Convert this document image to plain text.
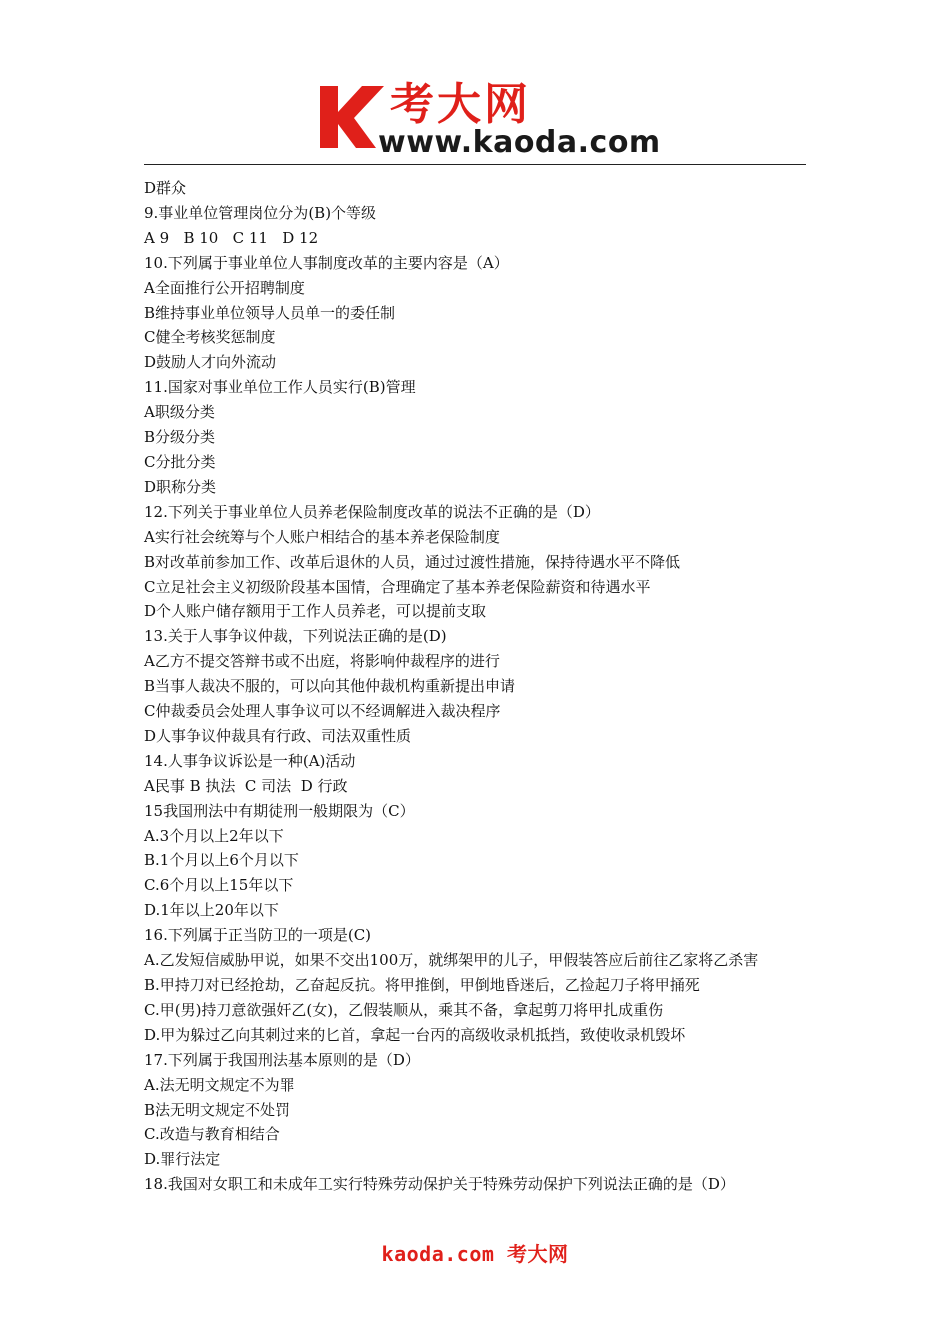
考大网
www.kaoda.com

D群众

9.事业单位管理岗位分为(B)个等级

A 9   B 10   C 11   D 12

10.下列属于事业单位人事制度改革的主要内容是（A）

A全面推行公开招聘制度

B维持事业单位领导人员单一的委任制

C健全考核奖惩制度

D鼓励人才向外流动

11.国家对事业单位工作人员实行(B)管理

A职级分类

B分级分类

C分批分类

D职称分类

12.下列关于事业单位人员养老保险制度改革的说法不正确的是（D）

A实行社会统筹与个人账户相结合的基本养老保险制度

B对改革前参加工作、改革后退休的人员，通过过渡性措施，保持待遇水平不降低

C立足社会主义初级阶段基本国情，合理确定了基本养老保险薪资和待遇水平

D个人账户储存额用于工作人员养老，可以提前支取

13.关于人事争议仲裁，下列说法正确的是(D)

A乙方不提交答辩书或不出庭，将影响仲裁程序的进行

B当事人裁决不服的，可以向其他仲裁机构重新提出申请

C仲裁委员会处理人事争议可以不经调解进入裁决程序

D人事争议仲裁具有行政、司法双重性质

14.人事争议诉讼是一种(A)活动

A民事 B 执法  C 司法  D 行政

15我国刑法中有期徒刑一般期限为（C）

A.3个月以上2年以下

B.1个月以上6个月以下

C.6个月以上15年以下

D.1年以上20年以下

16.下列属于正当防卫的一项是(C)

A.乙发短信威胁甲说，如果不交出100万，就绑架甲的儿子，甲假装答应后前往乙家将乙杀害

B.甲持刀对已经抢劫，乙奋起反抗。将甲推倒，甲倒地昏迷后，乙捡起刀子将甲捅死

C.甲(男)持刀意欲强奸乙(女)，乙假装顺从，乘其不备，拿起剪刀将甲扎成重伤

D.甲为躲过乙向其刺过来的匕首，拿起一台丙的高级收录机抵挡，致使收录机毁坏

17.下列属于我国刑法基本原则的是（D）

A.法无明文规定不为罪

B法无明文规定不处罚

C.改造与教育相结合

D.罪行法定

18.我国对女职工和未成年工实行特殊劳动保护关于特殊劳动保护下列说法正确的是（D）

kaoda.com 考大网
